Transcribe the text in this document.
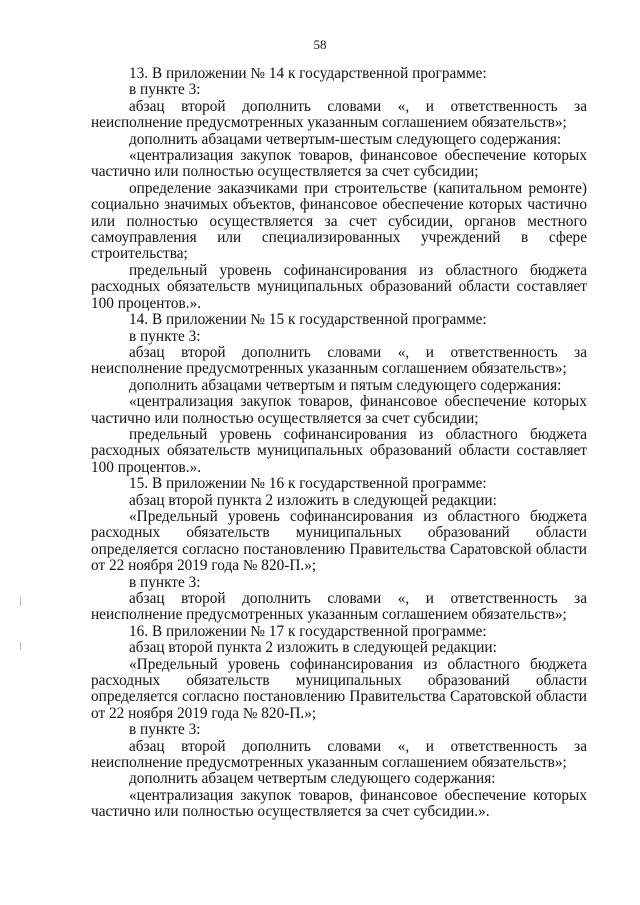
58

13. В приложении № 14 к государственной программе:

в пункте 3:

абзац второй дополнить словами «, и ответственность за неисполнение предусмотренных указанным соглашением обязательств»;

дополнить абзацами четвертым-шестым следующего содержания:

«централизация закупок товаров, финансовое обеспечение которых частично или полностью осуществляется за счет субсидии;

определение заказчиками при строительстве (капитальном ремонте) социально значимых объектов, финансовое обеспечение которых частично или полностью осуществляется за счет субсидии, органов местного самоуправления или специализированных учреждений в сфере строительства;

предельный уровень софинансирования из областного бюджета расходных обязательств муниципальных образований области составляет 100 процентов.».

14. В приложении № 15 к государственной программе:

в пункте 3:

абзац второй дополнить словами «, и ответственность за неисполнение предусмотренных указанным соглашением обязательств»;

дополнить абзацами четвертым и пятым следующего содержания:

«централизация закупок товаров, финансовое обеспечение которых частично или полностью осуществляется за счет субсидии;

предельный уровень софинансирования из областного бюджета расходных обязательств муниципальных образований области составляет 100 процентов.».

15. В приложении № 16 к государственной программе:

абзац второй пункта 2 изложить в следующей редакции:

«Предельный уровень софинансирования из областного бюджета расходных обязательств муниципальных образований области определяется согласно постановлению Правительства Саратовской области от 22 ноября 2019 года № 820-П.»;

в пункте 3:

абзац второй дополнить словами «, и ответственность за неисполнение предусмотренных указанным соглашением обязательств»;

16. В приложении № 17 к государственной программе:

абзац второй пункта 2 изложить в следующей редакции:

«Предельный уровень софинансирования из областного бюджета расходных обязательств муниципальных образований области определяется согласно постановлению Правительства Саратовской области от 22 ноября 2019 года № 820-П.»;

в пункте 3:

абзац второй дополнить словами «, и ответственность за неисполнение предусмотренных указанным соглашением обязательств»;

дополнить абзацем четвертым следующего содержания:

«централизация закупок товаров, финансовое обеспечение которых частично или полностью осуществляется за счет субсидии.».
